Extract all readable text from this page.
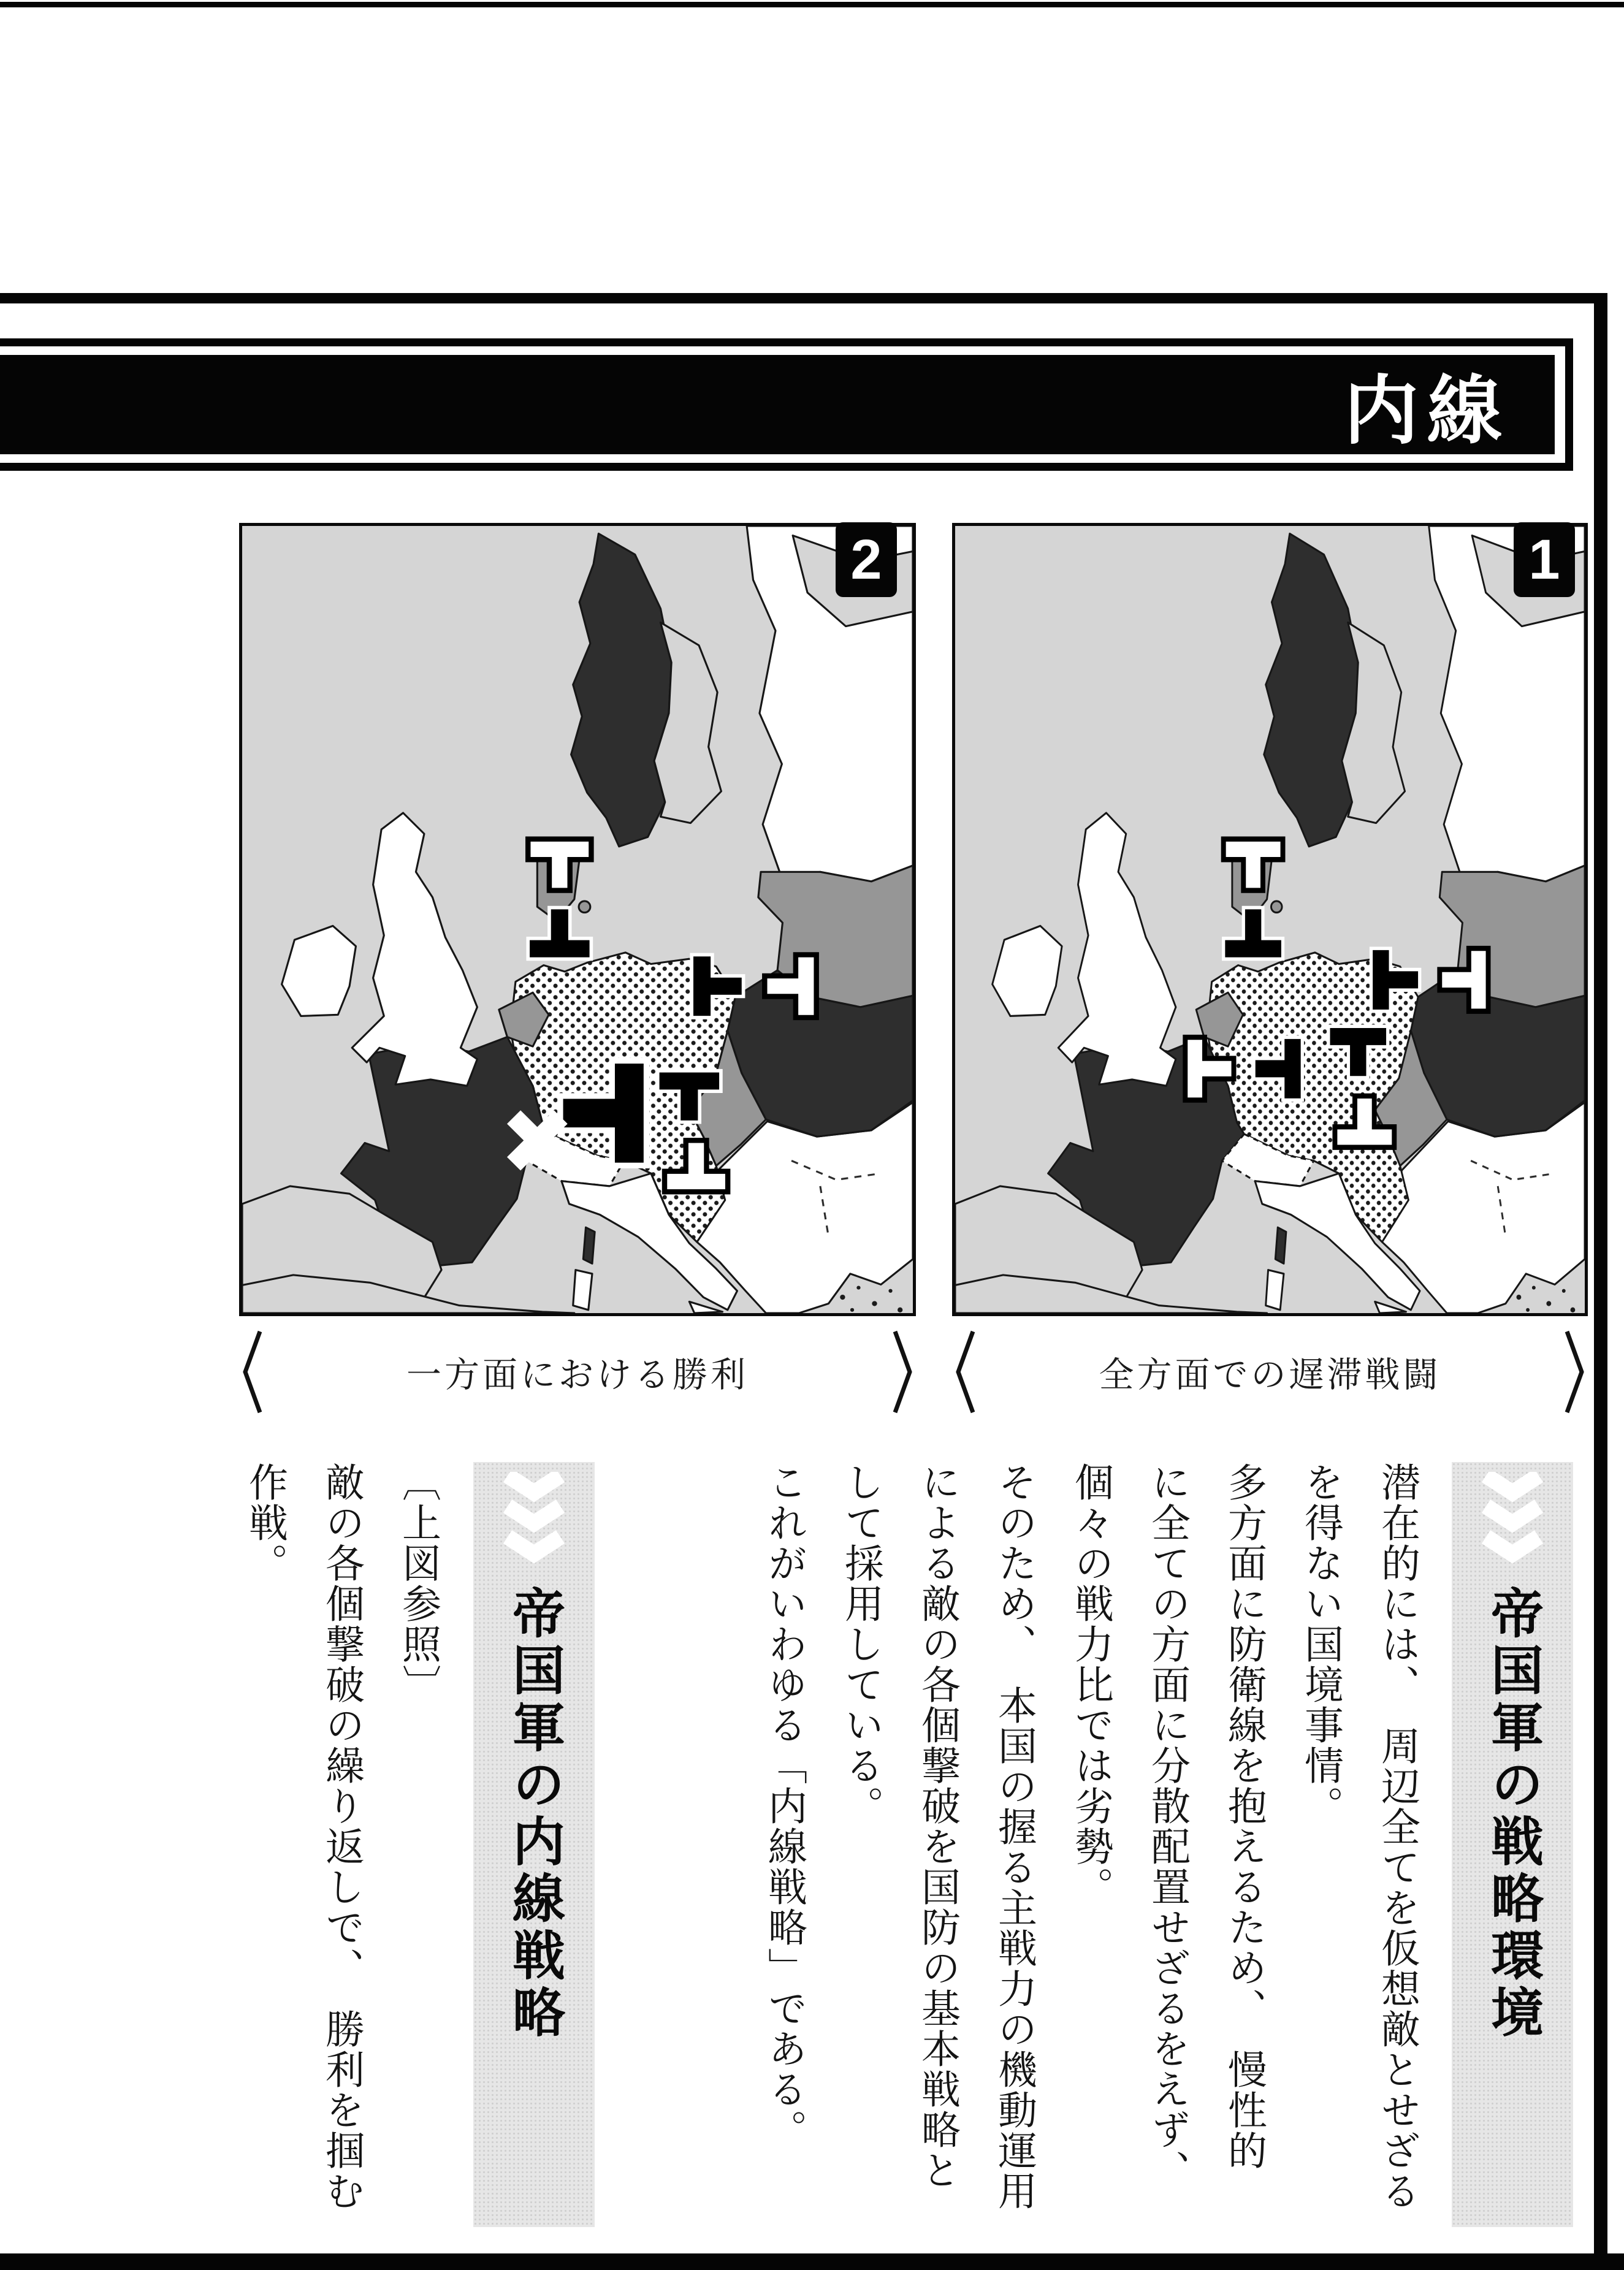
内線
2	1
一方面における勝利	全方面での遅滞戦闘
帝国軍の戦略環境
潜在的には、　周辺全てを仮想敵とせざる
を得ない国境事情。
多方面に防衛線を抱えるため、　慢性的
に全ての方面に分散配置せざるをえず、
個々の戦力比では劣勢。
そのため、　本国の握る主戦力の機動運用
による敵の各個撃破を国防の基本戦略と
して採用している。
これがいわゆる「内線戦略」である。
帝国軍の内線戦略
〔上図参照〕
敵の各個撃破の繰り返しで、　勝利を掴む
作戦。
